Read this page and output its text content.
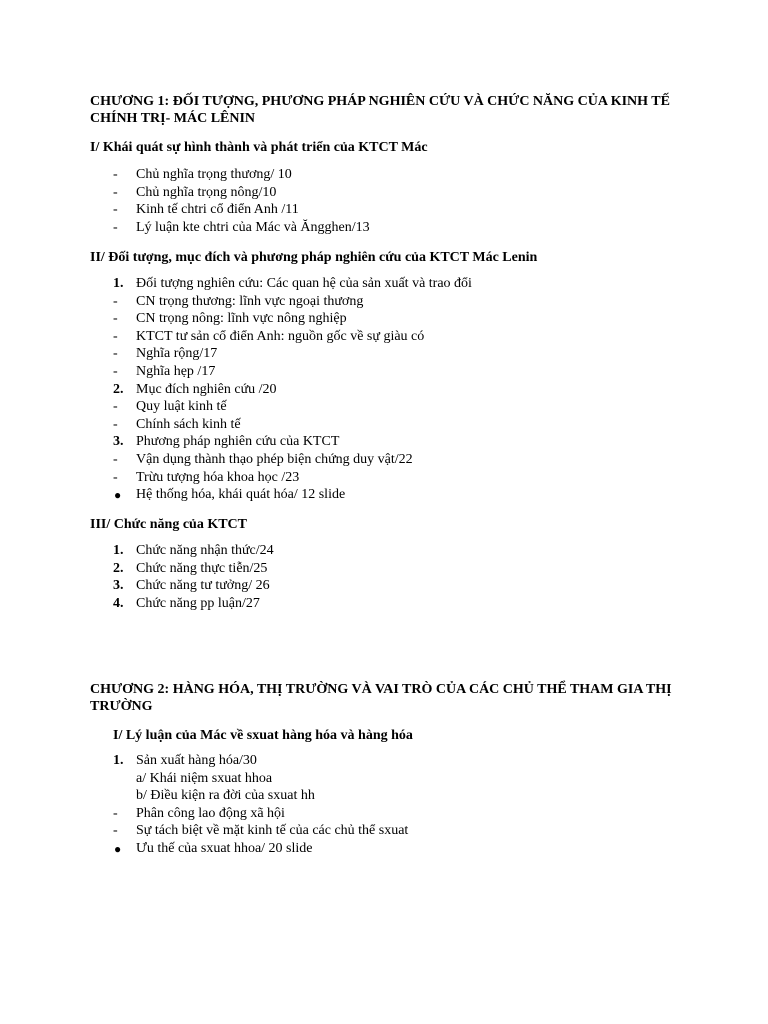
CHƯƠNG 1: ĐỐI TƯỢNG, PHƯƠNG PHÁP NGHIÊN CỨU VÀ CHỨC NĂNG CỦA KINH TẾ
CHÍNH TRỊ- MÁC LÊNIN
I/ Khái quát sự hình thành và phát triển của KTCT Mác
-	Chủ nghĩa trọng thương/ 10
-	Chủ nghĩa trọng nông/10
-	Kinh tế chtri cổ điển Anh /11
-	Lý luận kte chtri của Mác và Ăngghen/13
II/ Đối tượng, mục đích và phương pháp nghiên cứu của KTCT Mác Lenin
1. Đối tượng nghiên cứu: Các quan hệ của sản xuất và trao đổi
-	CN trọng thương: lĩnh vực ngoại thương
-	CN trọng nông: lĩnh vực nông nghiệp
-	KTCT tư sản cổ điển Anh: nguồn gốc về sự giàu có
-	Nghĩa rộng/17
-	Nghĩa hẹp /17
2. Mục đích nghiên cứu /20
-	Quy luật kinh tế
-	Chính sách kinh tế
3. Phương pháp nghiên cứu của KTCT
-	Vận dụng thành thạo phép biện chứng duy vật/22
-	Trừu tượng hóa khoa học /23
●	Hệ thống hóa, khái quát hóa/ 12 slide
III/ Chức năng của KTCT
1. Chức năng nhận thức/24
2. Chức năng thực tiễn/25
3. Chức năng tư tưởng/ 26
4. Chức năng pp luận/27
CHƯƠNG 2: HÀNG HÓA, THỊ TRƯỜNG VÀ VAI TRÒ CỦA CÁC CHỦ THỂ THAM GIA THỊ
TRƯỜNG
I/ Lý luận của Mác về sxuat hàng hóa và hàng hóa
1. Sản xuất hàng hóa/30
a/ Khái niệm sxuat hhoa
b/ Điều kiện ra đời của sxuat hh
-	Phân công lao động xã hội
-	Sự tách biệt về mặt kinh tế của các chủ thể sxuat
●	Ưu thế của sxuat hhoa/ 20 slide
